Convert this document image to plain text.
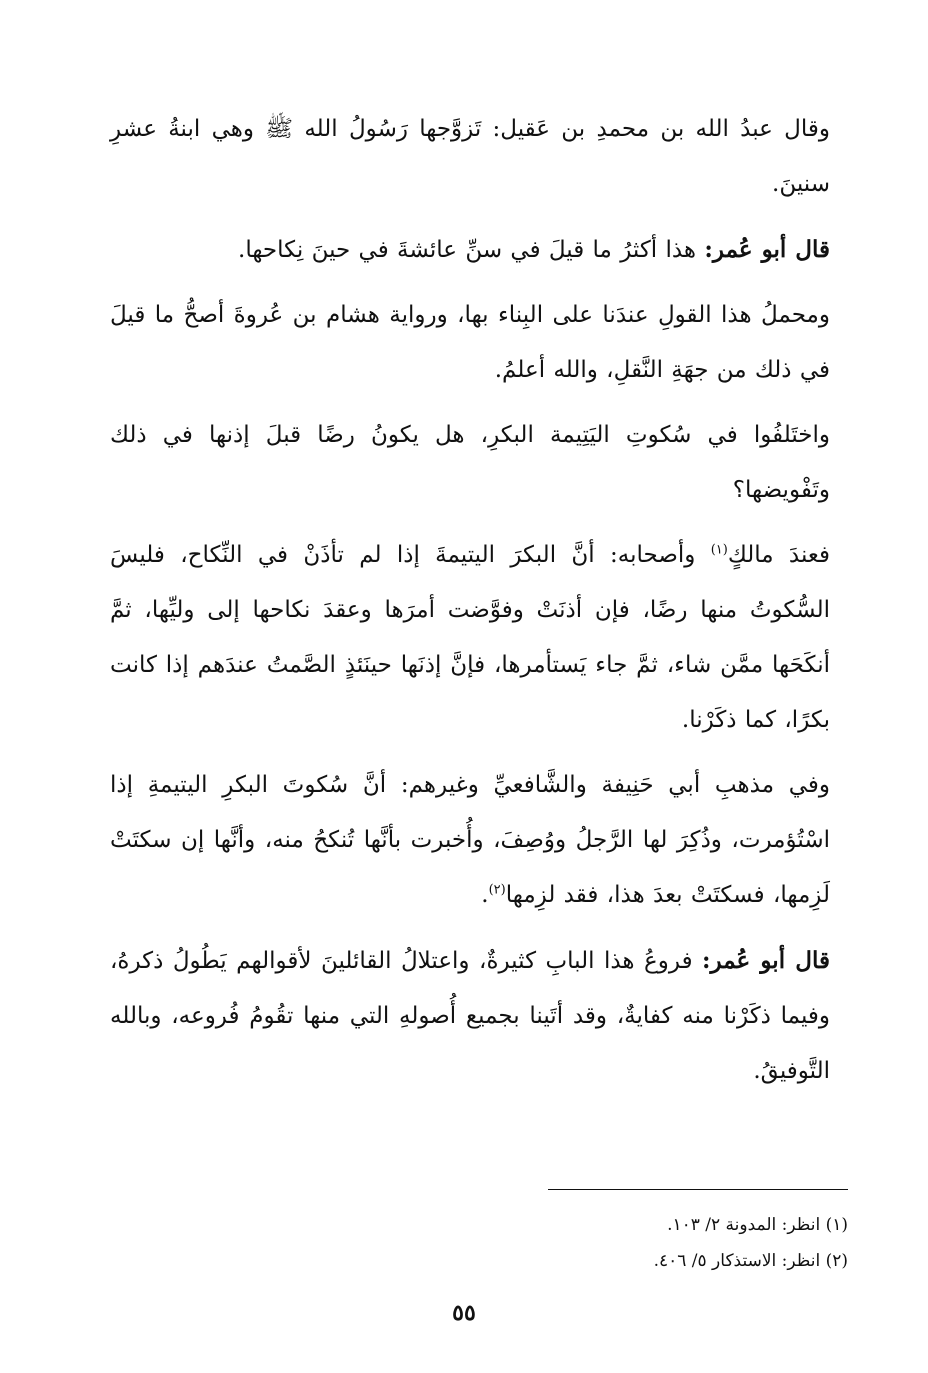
وقال عبدُ الله بن محمدِ بن عَقيل: تَزوَّجها رَسُولُ الله ﷺ وهي ابنةُ عشرِ سنينَ.

قال أبو عُمر: هذا أكثرُ ما قيلَ في سنِّ عائشةَ في حينَ نِكاحها.

ومحملُ هذا القولِ عندَنا على البِناء بها، ورواية هشام بن عُروةَ أصحُّ ما قيلَ في ذلك من جهَةِ النَّقلِ، والله أعلمُ.

واختَلفُوا في سُكوتِ اليَتِيمة البكرِ، هل يكونُ رضًا قبلَ إذنها في ذلك وتَفْويضها؟

فعندَ مالكٍ$^{(١)}$ وأصحابه: أنَّ البكرَ اليتيمةَ إذا لم تأذَنْ في النِّكاح، فليسَ السُّكوتُ منها رضًا، فإن أذنَتْ وفوَّضت أمرَها وعقدَ نكاحها إلى وليِّها، ثمَّ أنكَحَها ممَّن شاء، ثمَّ جاء يَستأمرها، فإنَّ إذنَها حينَئذٍ الصَّمتُ عندَهم إذا كانت بكرًا، كما ذكَرْنا.

وفي مذهبِ أبي حَنِيفة والشَّافعيِّ وغيرهم: أنَّ سُكوتَ البكرِ اليتيمةِ إذا اسْتُؤمرت، وذُكِرَ لها الرَّجلُ ووُصِفَ، وأُخبرت بأنَّها تُنكحُ منه، وأنَّها إن سكتَتْ لَزِمها، فسكتَتْ بعدَ هذا، فقد لزِمها$^{(٢)}$.

قال أبو عُمر: فروعُ هذا البابِ كثيرةٌ، واعتلالُ القائلينَ لأقوالهم يَطُولُ ذكرهُ، وفيما ذكَرْنا منه كفايةٌ، وقد أتَينا بجميع أُصولهِ التي منها تقُومُ فُروعه، وبالله التَّوفيقُ.

(١) انظر: المدونة ٢/ ١٠٣.

(٢) انظر: الاستذكار ٥/ ٤٠٦.

٥٥
